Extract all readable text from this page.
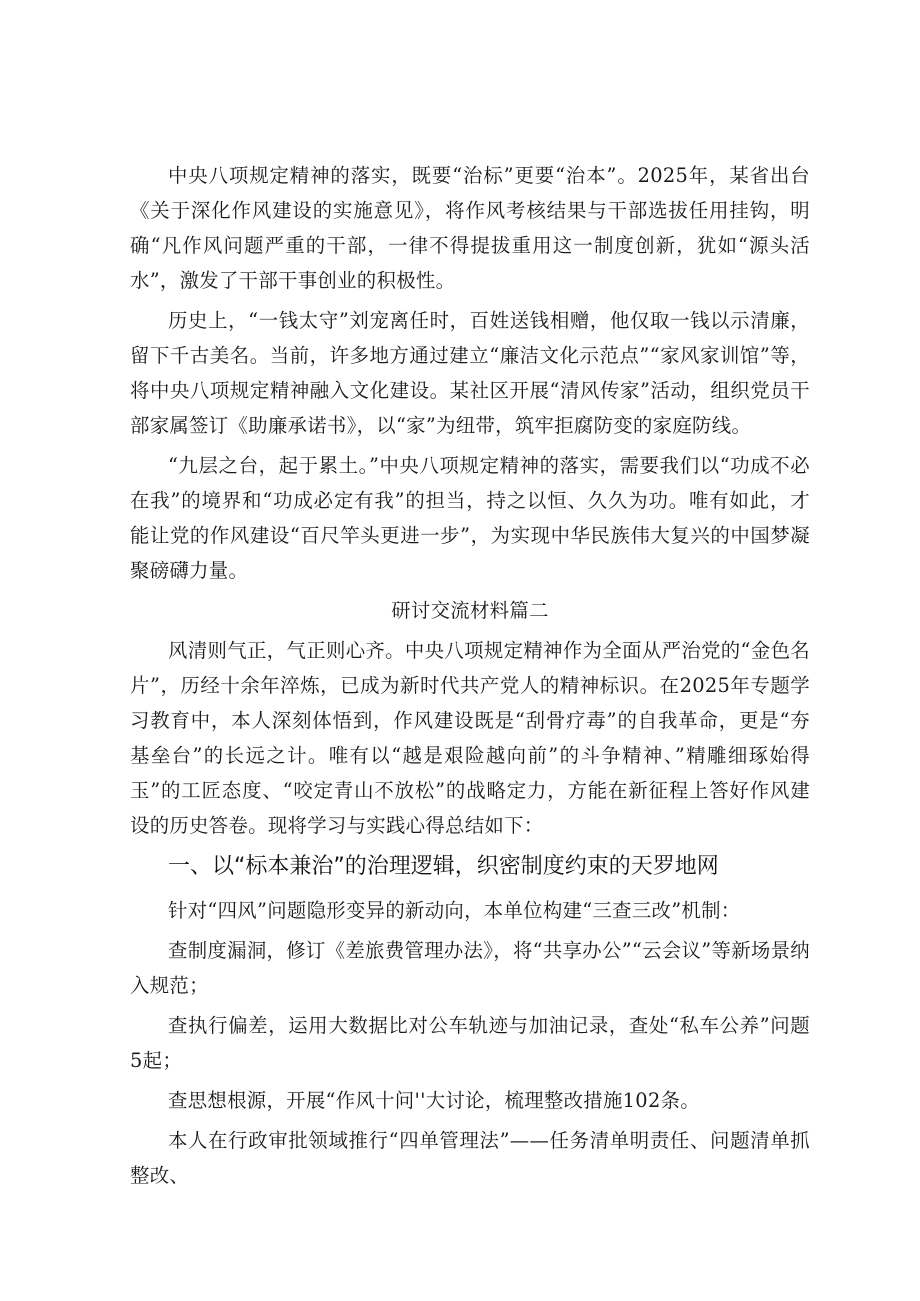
中央八项规定精神的落实，既要“治标”更要“治本”。2025年，某省出台《关于深化作风建设的实施意见》，将作风考核结果与干部选拔任用挂钩，明确“凡作风问题严重的干部，一律不得提拔重用这一制度创新，犹如“源头活水”，激发了干部干事创业的积极性。

历史上，“一钱太守”刘宠离任时，百姓送钱相赠，他仅取一钱以示清廉，留下千古美名。当前，许多地方通过建立“廉洁文化示范点”“家风家训馆”等，将中央八项规定精神融入文化建设。某社区开展“清风传家”活动，组织党员干部家属签订《助廉承诺书》，以“家”为纽带，筑牢拒腐防变的家庭防线。

“九层之台，起于累土。”中央八项规定精神的落实，需要我们以“功成不必在我”的境界和“功成必定有我”的担当，持之以恒、久久为功。唯有如此，才能让党的作风建设“百尺竿头更进一步”，为实现中华民族伟大复兴的中国梦凝聚磅礴力量。

研讨交流材料篇二

风清则气正，气正则心齐。中央八项规定精神作为全面从严治党的“金色名片”，历经十余年淬炼，已成为新时代共产党人的精神标识。在2025年专题学习教育中，本人深刻体悟到，作风建设既是“刮骨疗毒”的自我革命，更是“夯基垒台”的长远之计。唯有以“越是艰险越向前”的斗争精神、”精雕细琢始得玉”的工匠态度、“咬定青山不放松”的战略定力，方能在新征程上答好作风建设的历史答卷。现将学习与实践心得总结如下：

一、以“标本兼治”的治理逻辑，织密制度约束的天罗地网

针对“四风”问题隐形变异的新动向，本单位构建“三查三改”机制：

查制度漏洞，修订《差旅费管理办法》，将“共享办公”“云会议”等新场景纳入规范；

查执行偏差，运用大数据比对公车轨迹与加油记录，查处“私车公养”问题5起；

查思想根源，开展“作风十问''大讨论，梳理整改措施102条。

本人在行政审批领域推行“四单管理法”——任务清单明责任、问题清单抓整改、
